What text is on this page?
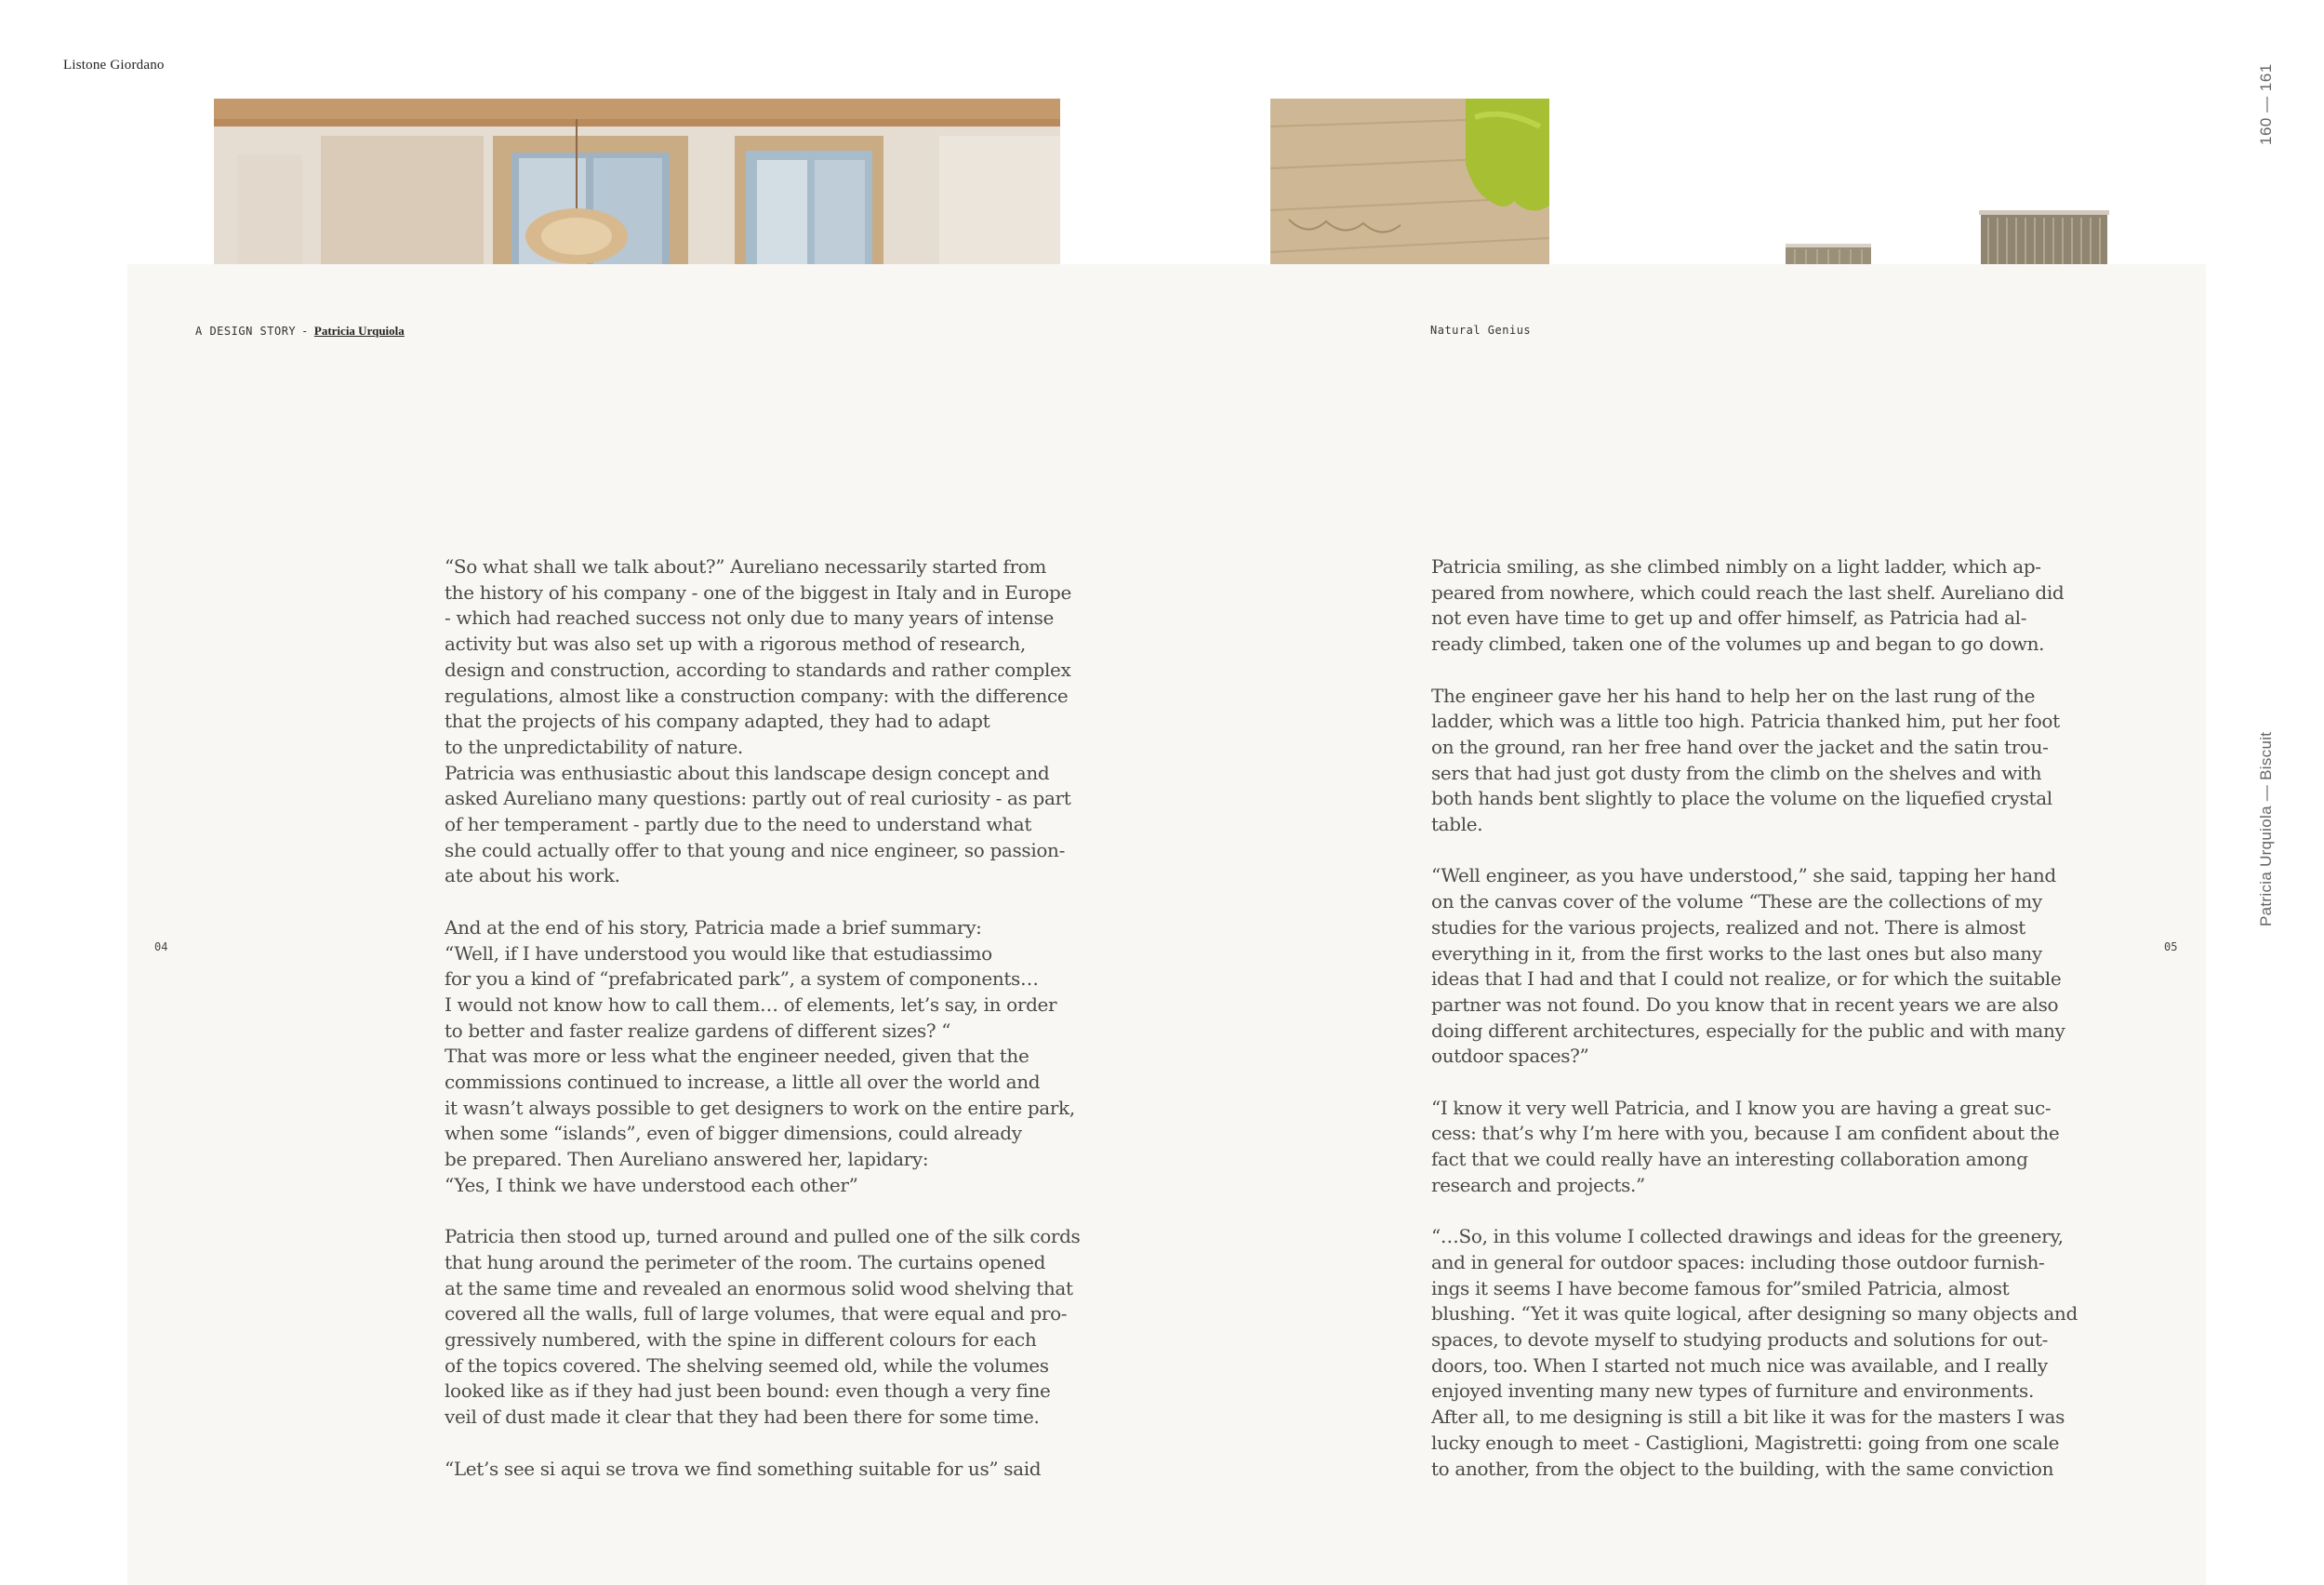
Listone Giordano	160 — 161
Patricia Urquiola — Biscuit
A DESIGN STORY - Patricia Urquiola	Natural Genius
04	05
“So what shall we talk about?” Aureliano necessarily started from
the history of his company - one of the biggest in Italy and in Europe
- which had reached success not only due to many years of intense
activity but was also set up with a rigorous method of research,
design and construction, according to standards and rather complex
regulations, almost like a construction company: with the difference
that the projects of his company adapted, they had to adapt
to the unpredictability of nature.
Patricia was enthusiastic about this landscape design concept and
asked Aureliano many questions: partly out of real curiosity - as part
of her temperament - partly due to the need to understand what
she could actually offer to that young and nice engineer, so passion-
ate about his work.
And at the end of his story, Patricia made a brief summary:
“Well, if I have understood you would like that estudiassimo
for you a kind of “prefabricated park”, a system of components…
I would not know how to call them… of elements, let’s say, in order
to better and faster realize gardens of different sizes? “
That was more or less what the engineer needed, given that the
commissions continued to increase, a little all over the world and
it wasn’t always possible to get designers to work on the entire park,
when some “islands”, even of bigger dimensions, could already
be prepared. Then Aureliano answered her, lapidary:
“Yes, I think we have understood each other”
Patricia then stood up, turned around and pulled one of the silk cords
that hung around the perimeter of the room. The curtains opened
at the same time and revealed an enormous solid wood shelving that
covered all the walls, full of large volumes, that were equal and pro-
gressively numbered, with the spine in different colours for each
of the topics covered. The shelving seemed old, while the volumes
looked like as if they had just been bound: even though a very fine
veil of dust made it clear that they had been there for some time.
“Let’s see si aqui se trova we find something suitable for us” said
Patricia smiling, as she climbed nimbly on a light ladder, which ap-
peared from nowhere, which could reach the last shelf. Aureliano did
not even have time to get up and offer himself, as Patricia had al-
ready climbed, taken one of the volumes up and began to go down.
The engineer gave her his hand to help her on the last rung of the
ladder, which was a little too high. Patricia thanked him, put her foot
on the ground, ran her free hand over the jacket and the satin trou-
sers that had just got dusty from the climb on the shelves and with
both hands bent slightly to place the volume on the liquefied crystal
table.
“Well engineer, as you have understood,” she said, tapping her hand
on the canvas cover of the volume “These are the collections of my
studies for the various projects, realized and not. There is almost
everything in it, from the first works to the last ones but also many
ideas that I had and that I could not realize, or for which the suitable
partner was not found. Do you know that in recent years we are also
doing different architectures, especially for the public and with many
outdoor spaces?”
“I know it very well Patricia, and I know you are having a great suc-
cess: that’s why I’m here with you, because I am confident about the
fact that we could really have an interesting collaboration among
research and projects.”
“…So, in this volume I collected drawings and ideas for the greenery,
and in general for outdoor spaces: including those outdoor furnish-
ings it seems I have become famous for”smiled Patricia, almost
blushing. “Yet it was quite logical, after designing so many objects and
spaces, to devote myself to studying products and solutions for out-
doors, too. When I started not much nice was available, and I really
enjoyed inventing many new types of furniture and environments.
After all, to me designing is still a bit like it was for the masters I was
lucky enough to meet - Castiglioni, Magistretti: going from one scale
to another, from the object to the building, with the same conviction
